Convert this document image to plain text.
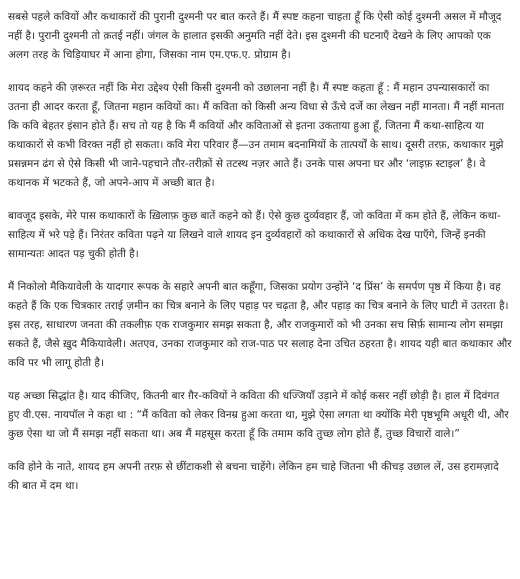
सबसे पहले कवियों और कथाकारों की पुरानी दुश्मनी पर बात करते हैं। मैं स्पष्ट कहना चाहता हूँ कि ऐसी कोई दुश्मनी असल में मौजूद नहीं है। पुरानी दुश्मनी तो क़तई नहीं। जंगल के हालात इसकी अनुमति नहीं देते। इस दुश्मनी की घटनाएँ देखने के लिए आपको एक अलग तरह के चिड़ियाघर में आना होगा, जिसका नाम एम.एफ.ए. प्रोग्राम है।

शायद कहने की ज़रूरत नहीं कि मेरा उद्देश्य ऐसी किसी दुश्मनी को उछालना नहीं है। मैं स्पष्ट कहता हूँ : मैं महान उपन्यासकारों का उतना ही आदर करता हूँ, जितना महान कवियों का। मैं कविता को किसी अन्य विधा से ऊँचे दर्जे का लेखन नहीं मानता। मैं नहीं मानता कि कवि बेहतर इंसान होते हैं। सच तो यह है कि मैं कवियों और कविताओं से इतना उकताया हुआ हूँ, जितना मैं कथा-साहित्य या कथाकारों से कभी विरक्त नहीं हो सकता। कवि मेरा परिवार हैं—उन तमाम बदनामियों के तात्पर्यों के साथ। दूसरी तरफ़, कथाकार मुझे प्रसन्नमन ढंग से ऐसे किसी भी जाने-पहचाने तौर-तरीक़ों से तटस्थ नज़र आते हैं। उनके पास अपना घर और ‘लाइफ़ स्टाइल’ है। वे कथानक में भटकते हैं, जो अपने-आप में अच्छी बात है।

बावजूद इसके, मेरे पास कथाकारों के ख़िलाफ़ कुछ बातें कहने को हैं। ऐसे कुछ दुर्व्यवहार हैं, जो कविता में कम होते हैं, लेकिन कथा-साहित्य में भरे पड़े हैं। निरंतर कविता पढ़ने या लिखने वाले शायद इन दुर्व्यवहारों को कथाकारों से अधिक देख पाएँगे, जिन्हें इनकी सामान्यतः आदत पड़ चुकी होती है।

मैं निकोलो मैकियावेली के यादगार रूपक के सहारे अपनी बात कहूँगा, जिसका प्रयोग उन्होंने ‘द प्रिंस’ के समर्पण पृष्ठ में किया है। वह कहते हैं कि एक चित्रकार तराई ज़मीन का चित्र बनाने के लिए पहाड़ पर चढ़ता है, और पहाड़ का चित्र बनाने के लिए घाटी में उतरता है। इस तरह, साधारण जनता की तकलीफ़ एक राजकुमार समझ सकता है, और राजकुमारों को भी उनका सच सिर्फ़ सामान्य लोग समझा सकते हैं, जैसे ख़ुद मैकियावेली। अतएव, उनका राजकुमार को राज-पाठ पर सलाह देना उचित ठहरता है। शायद यही बात कथाकार और कवि पर भी लागू होती है।

यह अच्छा सिद्धांत है। याद कीजिए, कितनी बार ग़ैर-कवियों ने कविता की धज्जियाँ उड़ाने में कोई कसर नहीं छोड़ी है। हाल में दिवंगत हुए वी.एस. नायपॉल ने कहा था : “मैं कविता को लेकर विनम्र हुआ करता था, मुझे ऐसा लगता था क्योंकि मेरी पृष्ठभूमि अधूरी थी, और कुछ ऐसा था जो मैं समझ नहीं सकता था। अब मैं महसूस करता हूँ कि तमाम कवि तुच्छ लोग होते हैं, तुच्छ विचारों वाले।”

कवि होने के नाते, शायद हम अपनी तरफ़ से छींटाकशी से बचना चाहेंगे। लेकिन हम चाहे जितना भी कीचड़ उछाल लें, उस हरामज़ादे की बात में दम था।
